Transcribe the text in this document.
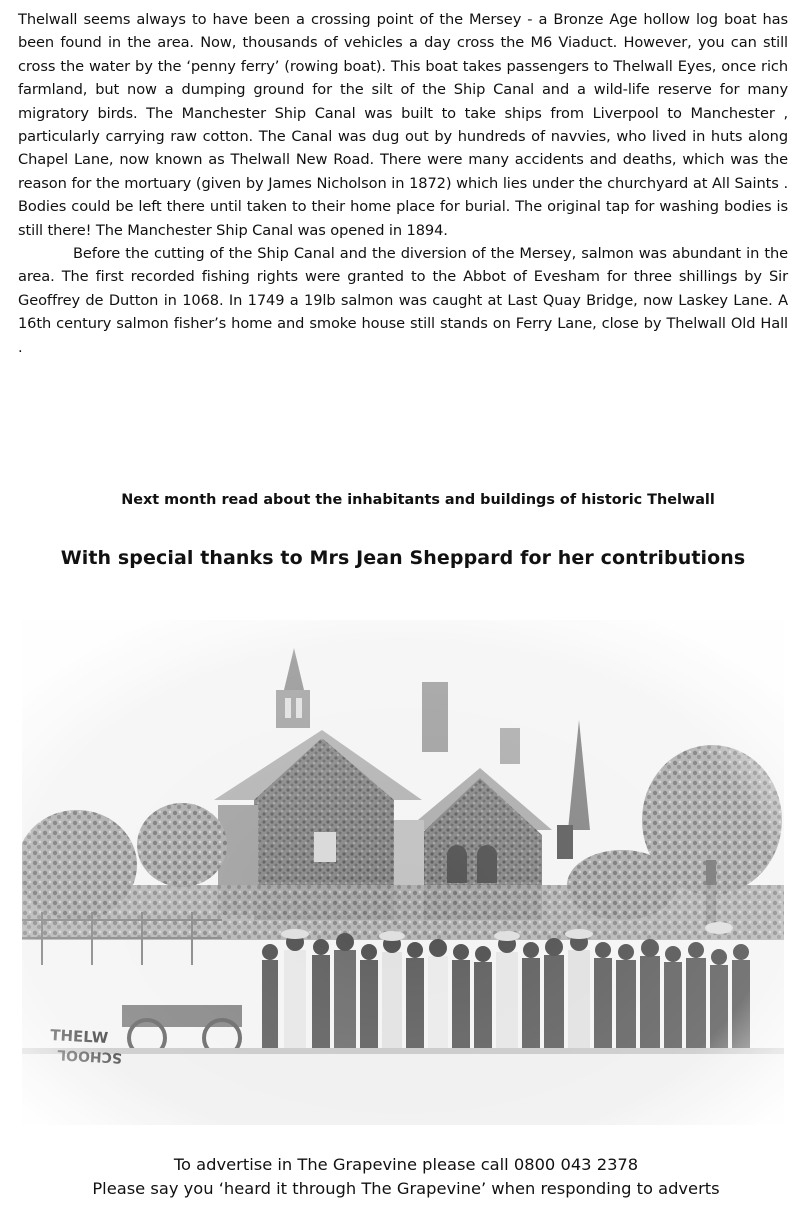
Thelwall seems always to have been a crossing point of the Mersey - a Bronze Age hollow log boat has been found in the area. Now, thousands of vehicles a day cross the M6 Viaduct. However, you can still cross the water by the ‘penny ferry’ (rowing boat). This boat takes passengers to Thelwall Eyes, once rich farmland, but now a dumping ground for the silt of the Ship Canal and a wild-life reserve for many migratory birds. The Manchester Ship Canal was built to take ships from Liverpool to Manchester , particularly carrying raw cotton. The Canal was dug out by hundreds of navvies, who lived in huts along Chapel Lane, now known as Thelwall New Road. There were many accidents and deaths, which was the reason for the mortuary (given by James Nicholson in 1872) which lies under the churchyard at All Saints . Bodies could be left there until taken to their home place for burial. The original tap for washing bodies is still there! The Manchester Ship Canal was opened in 1894.

Before the cutting of the Ship Canal and the diversion of the Mersey, salmon was abundant in the area. The first recorded fishing rights were granted to the Abbot of Evesham for three shillings by Sir Geoffrey de Dutton in 1068. In 1749 a 19lb salmon was caught at Last Quay Bridge, now Laskey Lane. A 16th century salmon fisher’s home and smoke house still stands on Ferry Lane, close by Thelwall Old Hall .

Next month read about the inhabitants and buildings of historic Thelwall
With special thanks to Mrs Jean Sheppard for her contributions
To advertise in The Grapevine please call 0800 043 2378
Please say you ‘heard it through The Grapevine’ when responding to adverts
